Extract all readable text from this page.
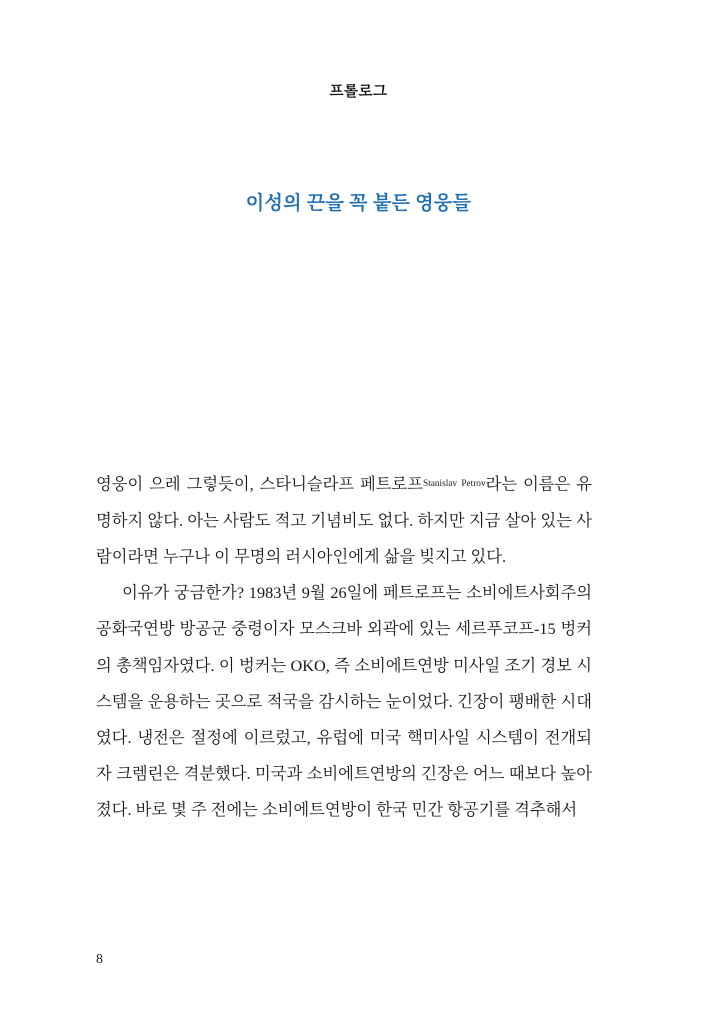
프롤로그
이성의 끈을 꼭 붙든 영웅들

영웅이 으레 그렇듯이, 스타니슬라프 페트로프$^{Stanislav Petrov}$라는 이름은 유명하지 않다. 아는 사람도 적고 기념비도 없다. 하지만 지금 살아 있는 사람이라면 누구나 이 무명의 러시아인에게 삶을 빚지고 있다.

이유가 궁금한가? 1983년 9월 26일에 페트로프는 소비에트사회주의공화국연방 방공군 중령이자 모스크바 외곽에 있는 세르푸코프-15 벙커의 총책임자였다. 이 벙커는 OKO, 즉 소비에트연방 미사일 조기 경보 시스템을 운용하는 곳으로 적국을 감시하는 눈이었다. 긴장이 팽배한 시대였다. 냉전은 절정에 이르렀고, 유럽에 미국 핵미사일 시스템이 전개되자 크렘린은 격분했다. 미국과 소비에트연방의 긴장은 어느 때보다 높아졌다. 바로 몇 주 전에는 소비에트연방이 한국 민간 항공기를 격추해서

8
